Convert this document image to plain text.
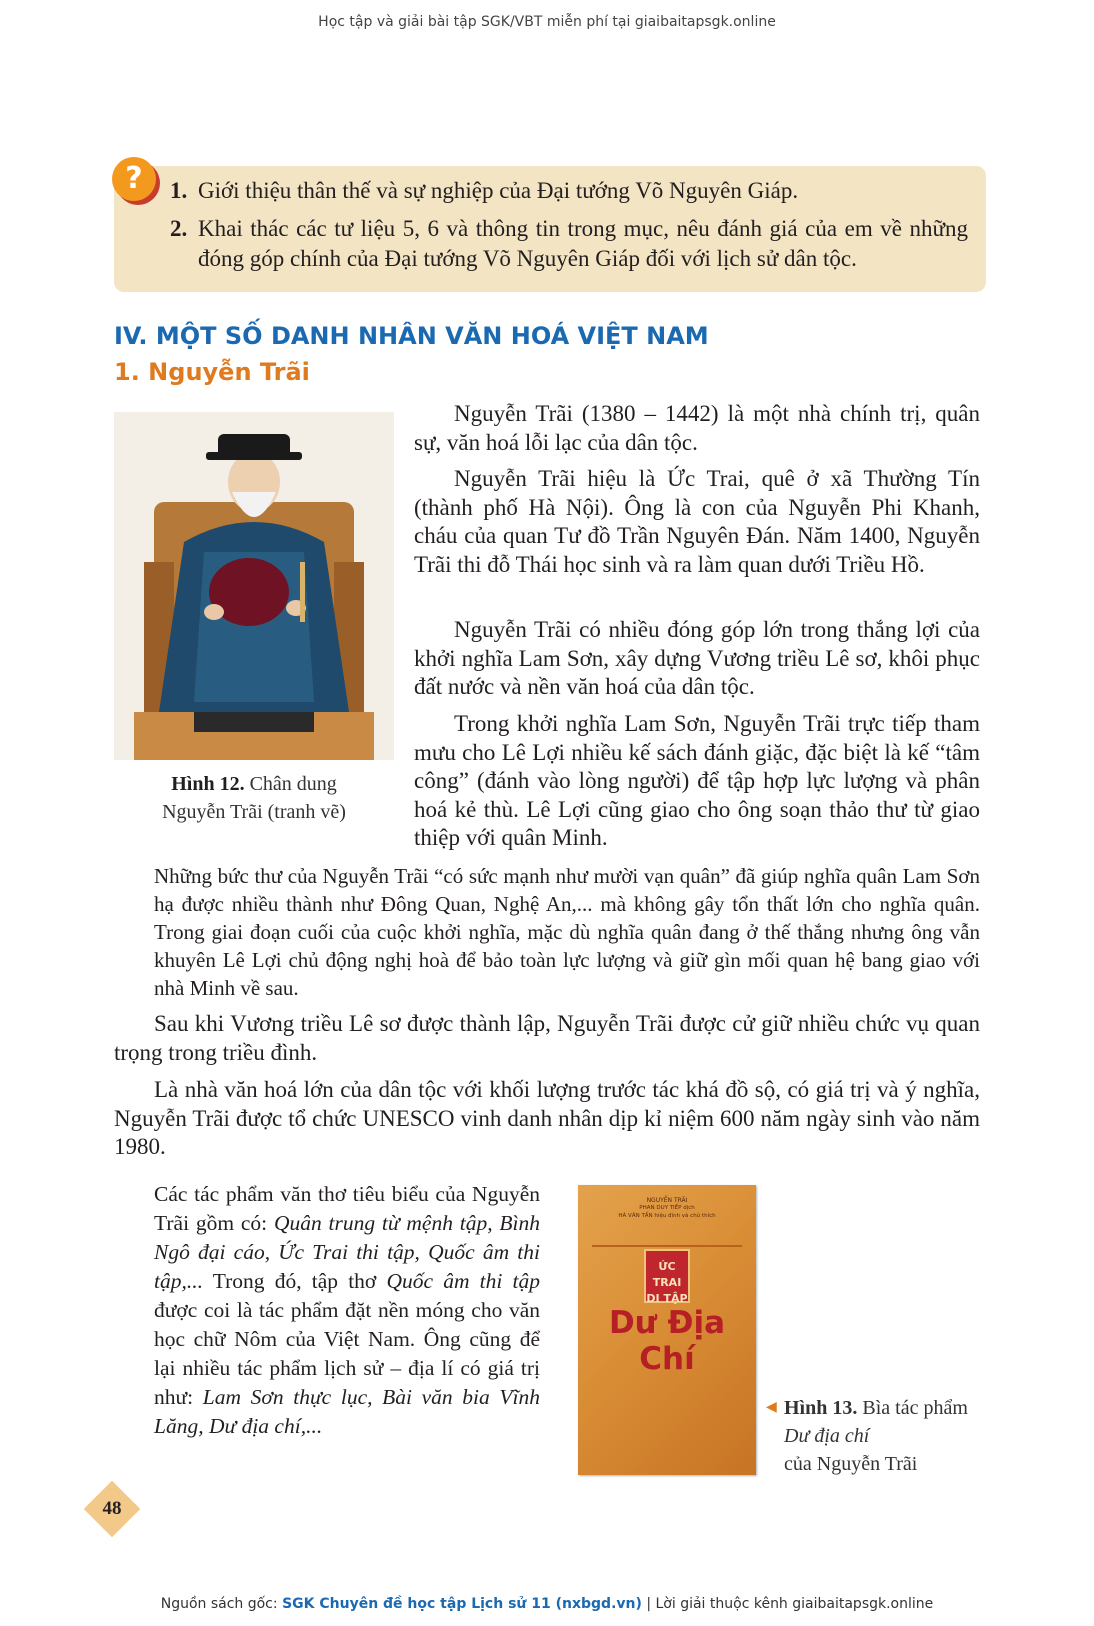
Học tập và giải bài tập SGK/VBT miễn phí tại giaibaitapsgk.online
?	1. Giới thiệu thân thế và sự nghiệp của Đại tướng Võ Nguyên Giáp.
2. Khai thác các tư liệu 5, 6 và thông tin trong mục, nêu đánh giá của em về những đóng góp chính của Đại tướng Võ Nguyên Giáp đối với lịch sử dân tộc.
IV. MỘT SỐ DANH NHÂN VĂN HOÁ VIỆT NAM
1. Nguyễn Trãi
Hình 12. Chân dung
Nguyễn Trãi (tranh vẽ)
Nguyễn Trãi (1380 – 1442) là một nhà chính trị, quân sự, văn hoá lỗi lạc của dân tộc.
Nguyễn Trãi hiệu là Ức Trai, quê ở xã Thường Tín (thành phố Hà Nội). Ông là con của Nguyễn Phi Khanh, cháu của quan Tư đồ Trần Nguyên Đán. Năm 1400, Nguyễn Trãi thi đỗ Thái học sinh và ra làm quan dưới Triều Hồ.
Nguyễn Trãi có nhiều đóng góp lớn trong thắng lợi của khởi nghĩa Lam Sơn, xây dựng Vương triều Lê sơ, khôi phục đất nước và nền văn hoá của dân tộc.
Trong khởi nghĩa Lam Sơn, Nguyễn Trãi trực tiếp tham mưu cho Lê Lợi nhiều kế sách đánh giặc, đặc biệt là kế “tâm công” (đánh vào lòng người) để tập hợp lực lượng và phân hoá kẻ thù. Lê Lợi cũng giao cho ông soạn thảo thư từ giao thiệp với quân Minh.
Những bức thư của Nguyễn Trãi “có sức mạnh như mười vạn quân” đã giúp nghĩa quân Lam Sơn hạ được nhiều thành như Đông Quan, Nghệ An,... mà không gây tổn thất lớn cho nghĩa quân. Trong giai đoạn cuối của cuộc khởi nghĩa, mặc dù nghĩa quân đang ở thế thắng nhưng ông vẫn khuyên Lê Lợi chủ động nghị hoà để bảo toàn lực lượng và giữ gìn mối quan hệ bang giao với nhà Minh về sau.
Sau khi Vương triều Lê sơ được thành lập, Nguyễn Trãi được cử giữ nhiều chức vụ quan trọng trong triều đình.
Là nhà văn hoá lớn của dân tộc với khối lượng trước tác khá đồ sộ, có giá trị và ý nghĩa, Nguyễn Trãi được tổ chức UNESCO vinh danh nhân dịp kỉ niệm 600 năm ngày sinh vào năm 1980.
Các tác phẩm văn thơ tiêu biểu của Nguyễn Trãi gồm có: Quân trung từ mệnh tập, Bình Ngô đại cáo, Ức Trai thi tập, Quốc âm thi tập,... Trong đó, tập thơ Quốc âm thi tập được coi là tác phẩm đặt nền móng cho văn học chữ Nôm của Việt Nam. Ông cũng để lại nhiều tác phẩm lịch sử – địa lí có giá trị như: Lam Sơn thực lục, Bài văn bia Vĩnh Lăng, Dư địa chí,...
NGUYỄN TRÃI
PHAN DUY TIẾP dịch
HÀ VĂN TẤN hiệu đính và chú thích
ỨC TRAI
DI TẬP
Dư Địa Chí
◀ Hình 13. Bìa tác phẩm
Dư địa chí
của Nguyễn Trãi
48
Nguồn sách gốc: SGK Chuyên đề học tập Lịch sử 11 (nxbgd.vn) | Lời giải thuộc kênh giaibaitapsgk.online
